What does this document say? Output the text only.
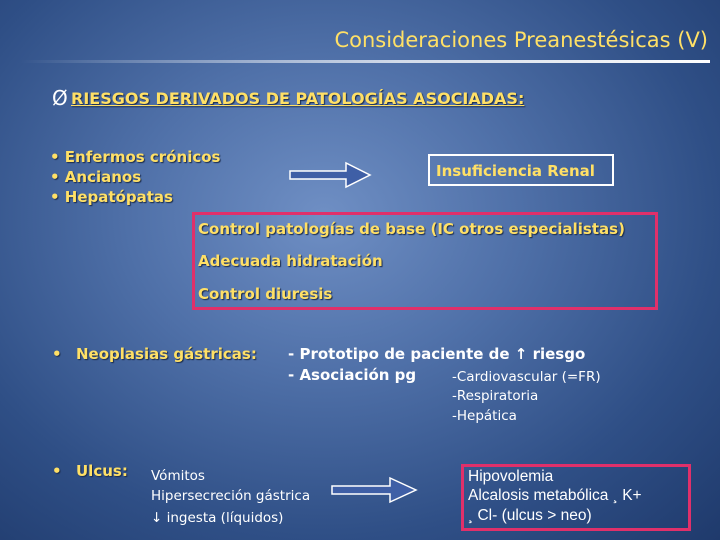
Consideraciones Preanestésicas (V)
Ø RIESGOS DERIVADOS DE PATOLOGÍAS ASOCIADAS:
• Enfermos crónicos
• Ancianos
• Hepatópatas
Insuficiencia Renal
Control patologías de base (IC otros especialistas)
Adecuada hidratación
Control diuresis
• Neoplasias gástricas: - Prototipo de paciente de ↑ riesgo
- Asociación pg	-Cardiovascular (=FR)
-Respiratoria
-Hepática
• Ulcus: Vómitos
Hipersecreción gástrica
↓ ingesta (líquidos)
Hipovolemia
Alcalosis metabólica ¸ K+
¸ Cl- (ulcus > neo)
